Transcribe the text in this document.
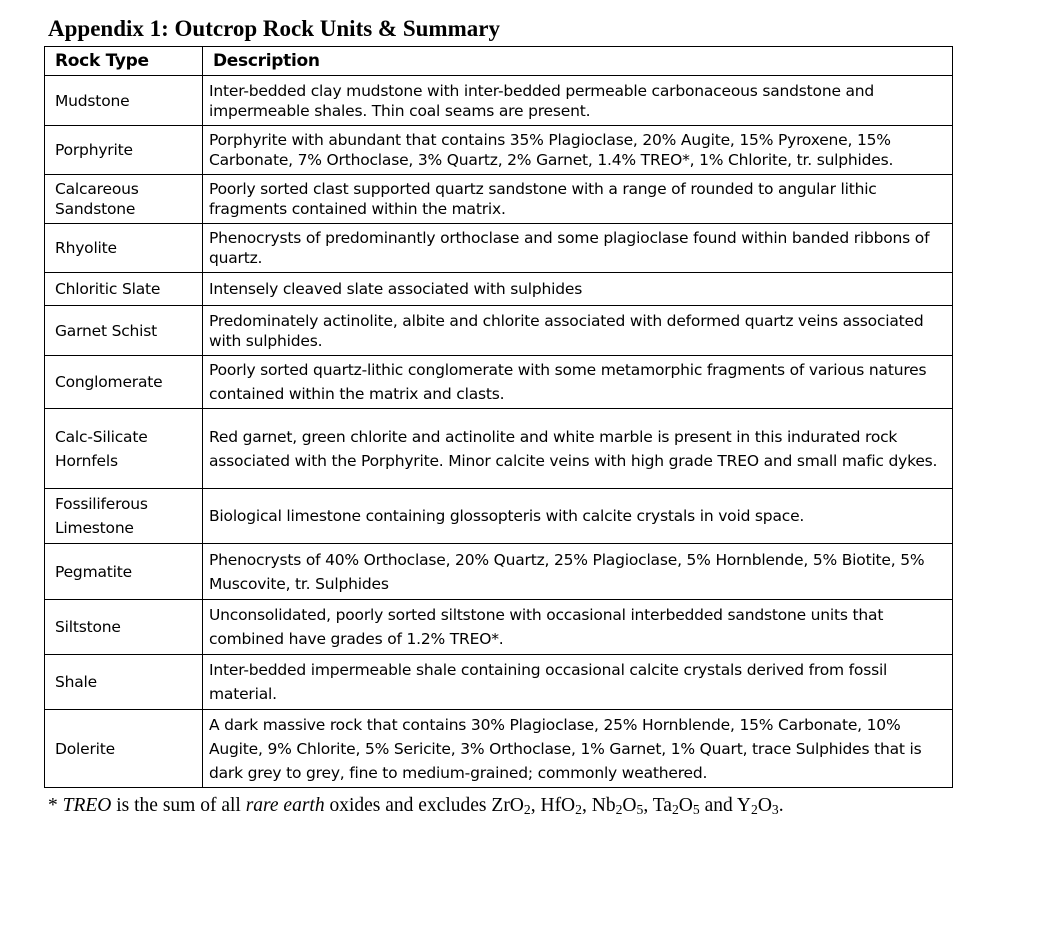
Appendix 1: Outcrop Rock Units & Summary
Rock Type	Description
Mudstone	Inter-bedded clay mudstone with inter-bedded permeable carbonaceous sandstone and impermeable shales. Thin coal seams are present.
Porphyrite	Porphyrite with abundant that contains 35% Plagioclase, 20% Augite, 15% Pyroxene, 15% Carbonate, 7% Orthoclase, 3% Quartz, 2% Garnet, 1.4% TREO*, 1% Chlorite, tr. sulphides.
Calcareous Sandstone	Poorly sorted clast supported quartz sandstone with a range of rounded to angular lithic fragments contained within the matrix.
Rhyolite	Phenocrysts of predominantly orthoclase and some plagioclase found within banded ribbons of quartz.
Chloritic Slate	Intensely cleaved slate associated with sulphides
Garnet Schist	Predominately actinolite, albite and chlorite associated with deformed quartz veins associated with sulphides.
Conglomerate	Poorly sorted quartz-lithic conglomerate with some metamorphic fragments of various natures contained within the matrix and clasts.
Calc-Silicate Hornfels	Red garnet, green chlorite and actinolite and white marble is present in this indurated rock associated with the Porphyrite. Minor calcite veins with high grade TREO and small mafic dykes.
Fossiliferous Limestone	Biological limestone containing glossopteris with calcite crystals in void space.
Pegmatite	Phenocrysts of 40% Orthoclase, 20% Quartz, 25% Plagioclase, 5% Hornblende, 5% Biotite, 5% Muscovite, tr. Sulphides
Siltstone	Unconsolidated, poorly sorted siltstone with occasional interbedded sandstone units that combined have grades of 1.2% TREO*.
Shale	Inter-bedded impermeable shale containing occasional calcite crystals derived from fossil material.
Dolerite	A dark massive rock that contains 30% Plagioclase, 25% Hornblende, 15% Carbonate, 10% Augite, 9% Chlorite, 5% Sericite, 3% Orthoclase, 1% Garnet, 1% Quart, trace Sulphides that is dark grey to grey, fine to medium-grained; commonly weathered.
* TREO is the sum of all rare earth oxides and excludes ZrO$_2$, HfO$_2$, $Nb_2O_5$, $Ta_2O_5$ and $Y_2O_3$.
